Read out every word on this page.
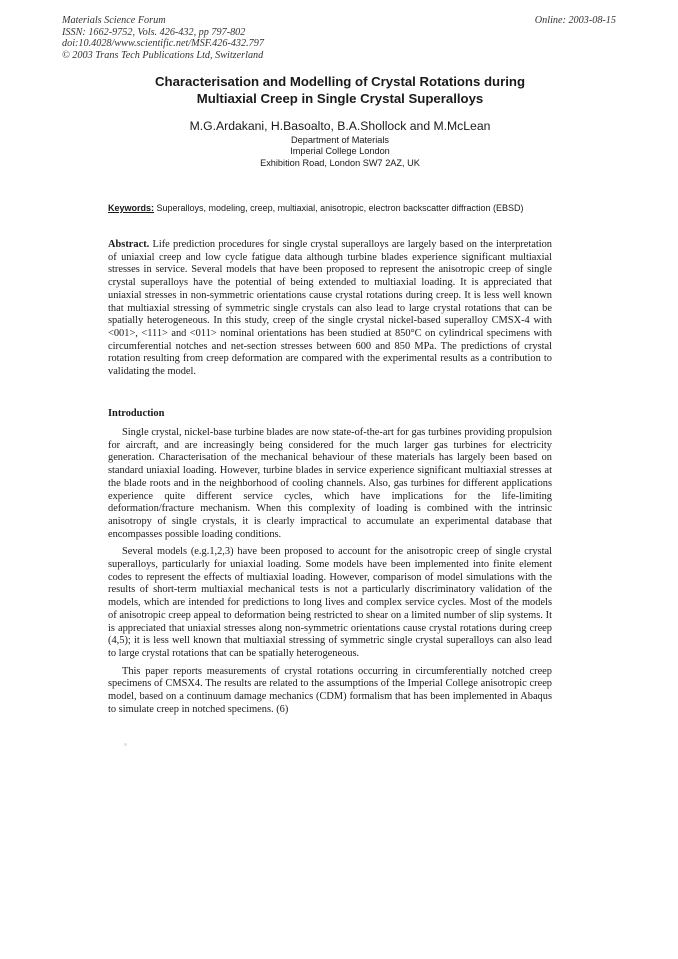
Materials Science Forum
ISSN: 1662-9752, Vols. 426-432, pp 797-802
doi:10.4028/www.scientific.net/MSF.426-432.797
© 2003 Trans Tech Publications Ltd, Switzerland
Online: 2003-08-15
Characterisation and Modelling of Crystal Rotations during
Multiaxial Creep in Single Crystal Superalloys
M.G.Ardakani, H.Basoalto, B.A.Shollock and M.McLean
Department of Materials
Imperial College London
Exhibition Road, London SW7 2AZ, UK
Keywords: Superalloys, modeling, creep, multiaxial, anisotropic, electron backscatter diffraction (EBSD)
Abstract. Life prediction procedures for single crystal superalloys are largely based on the interpretation of uniaxial creep and low cycle fatigue data although turbine blades experience significant multiaxial stresses in service. Several models that have been proposed to represent the anisotropic creep of single crystal superalloys have the potential of being extended to multiaxial loading. It is appreciated that uniaxial stresses in non-symmetric orientations cause crystal rotations during creep. It is less well known that multiaxial stressing of symmetric single crystals can also lead to large crystal rotations that can be spatially heterogeneous. In this study, creep of the single crystal nickel-based superalloy CMSX-4 with <001>, <111> and <011> nominal orientations has been studied at 850°C on cylindrical specimens with circumferential notches and net-section stresses between 600 and 850 MPa. The predictions of crystal rotation resulting from creep deformation are compared with the experimental results as a contribution to validating the model.
Introduction

Single crystal, nickel-base turbine blades are now state-of-the-art for gas turbines providing propulsion for aircraft, and are increasingly being considered for the much larger gas turbines for electricity generation. Characterisation of the mechanical behaviour of these materials has largely been based on standard uniaxial loading. However, turbine blades in service experience significant multiaxial stresses at the blade roots and in the neighborhood of cooling channels. Also, gas turbines for different applications experience quite different service cycles, which have implications for the life-limiting deformation/fracture mechanism. When this complexity of loading is combined with the intrinsic anisotropy of single crystals, it is clearly impractical to accumulate an experimental database that encompasses possible loading conditions.

Several models (e.g.1,2,3) have been proposed to account for the anisotropic creep of single crystal superalloys, particularly for uniaxial loading. Some models have been implemented into finite element codes to represent the effects of multiaxial loading. However, comparison of model simulations with the results of short-term multiaxial mechanical tests is not a particularly discriminatory validation of the models, which are intended for predictions to long lives and complex service cycles. Most of the models of anisotropic creep appeal to deformation being restricted to shear on a limited number of slip systems. It is appreciated that uniaxial stresses along non-symmetric orientations cause crystal rotations during creep (4,5); it is less well known that multiaxial stressing of symmetric single crystal superalloys can also lead to large crystal rotations that can be spatially heterogeneous.

This paper reports measurements of crystal rotations occurring in circumferentially notched creep specimens of CMSX4. The results are related to the assumptions of the Imperial College anisotropic creep model, based on a continuum damage mechanics (CDM) formalism that has been implemented in Abaqus to simulate creep in notched specimens. (6)
